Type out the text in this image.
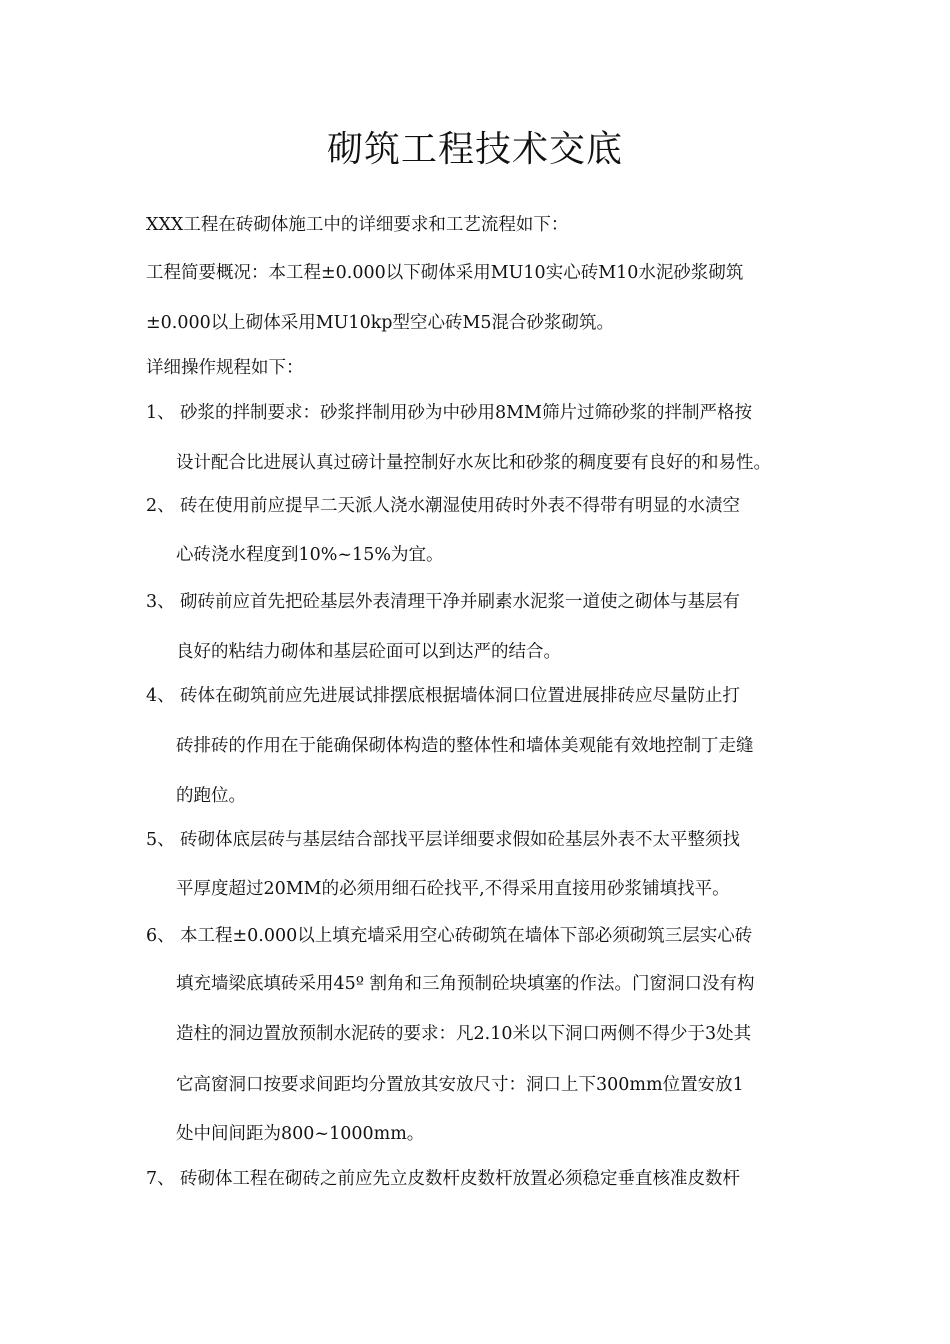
砌筑工程技术交底
XXX工程在砖砌体施工中的详细要求和工艺流程如下：
工程简要概况：本工程±0.000以下砌体采用MU10实心砖M10水泥砂浆砌筑
±0.000以上砌体采用MU10kp型空心砖M5混合砂浆砌筑。
详细操作规程如下：
1、 砂浆的拌制要求：砂浆拌制用砂为中砂用8MM筛片过筛砂浆的拌制严格按
设计配合比进展认真过磅计量控制好水灰比和砂浆的稠度要有良好的和易性。
2、 砖在使用前应提早二天派人浇水潮湿使用砖时外表不得带有明显的水渍空
心砖浇水程度到10%~15%为宜。
3、 砌砖前应首先把砼基层外表清理干净并刷素水泥浆一道使之砌体与基层有
良好的粘结力砌体和基层砼面可以到达严的结合。
4、 砖体在砌筑前应先进展试排摆底根据墙体洞口位置进展排砖应尽量防止打
砖排砖的作用在于能确保砌体构造的整体性和墙体美观能有效地控制丁走缝
的跑位。
5、 砖砌体底层砖与基层结合部找平层详细要求假如砼基层外表不太平整须找
平厚度超过20MM的必须用细石砼找平,不得采用直接用砂浆铺填找平。
6、 本工程±0.000以上填充墙采用空心砖砌筑在墙体下部必须砌筑三层实心砖
填充墙梁底填砖采用45º 割角和三角预制砼块填塞的作法。门窗洞口没有构
造柱的洞边置放预制水泥砖的要求：凡2.10米以下洞口两侧不得少于3处其
它高窗洞口按要求间距均分置放其安放尺寸：洞口上下300mm位置安放1
处中间间距为800~1000mm。
7、 砖砌体工程在砌砖之前应先立皮数杆皮数杆放置必须稳定垂直核准皮数杆
